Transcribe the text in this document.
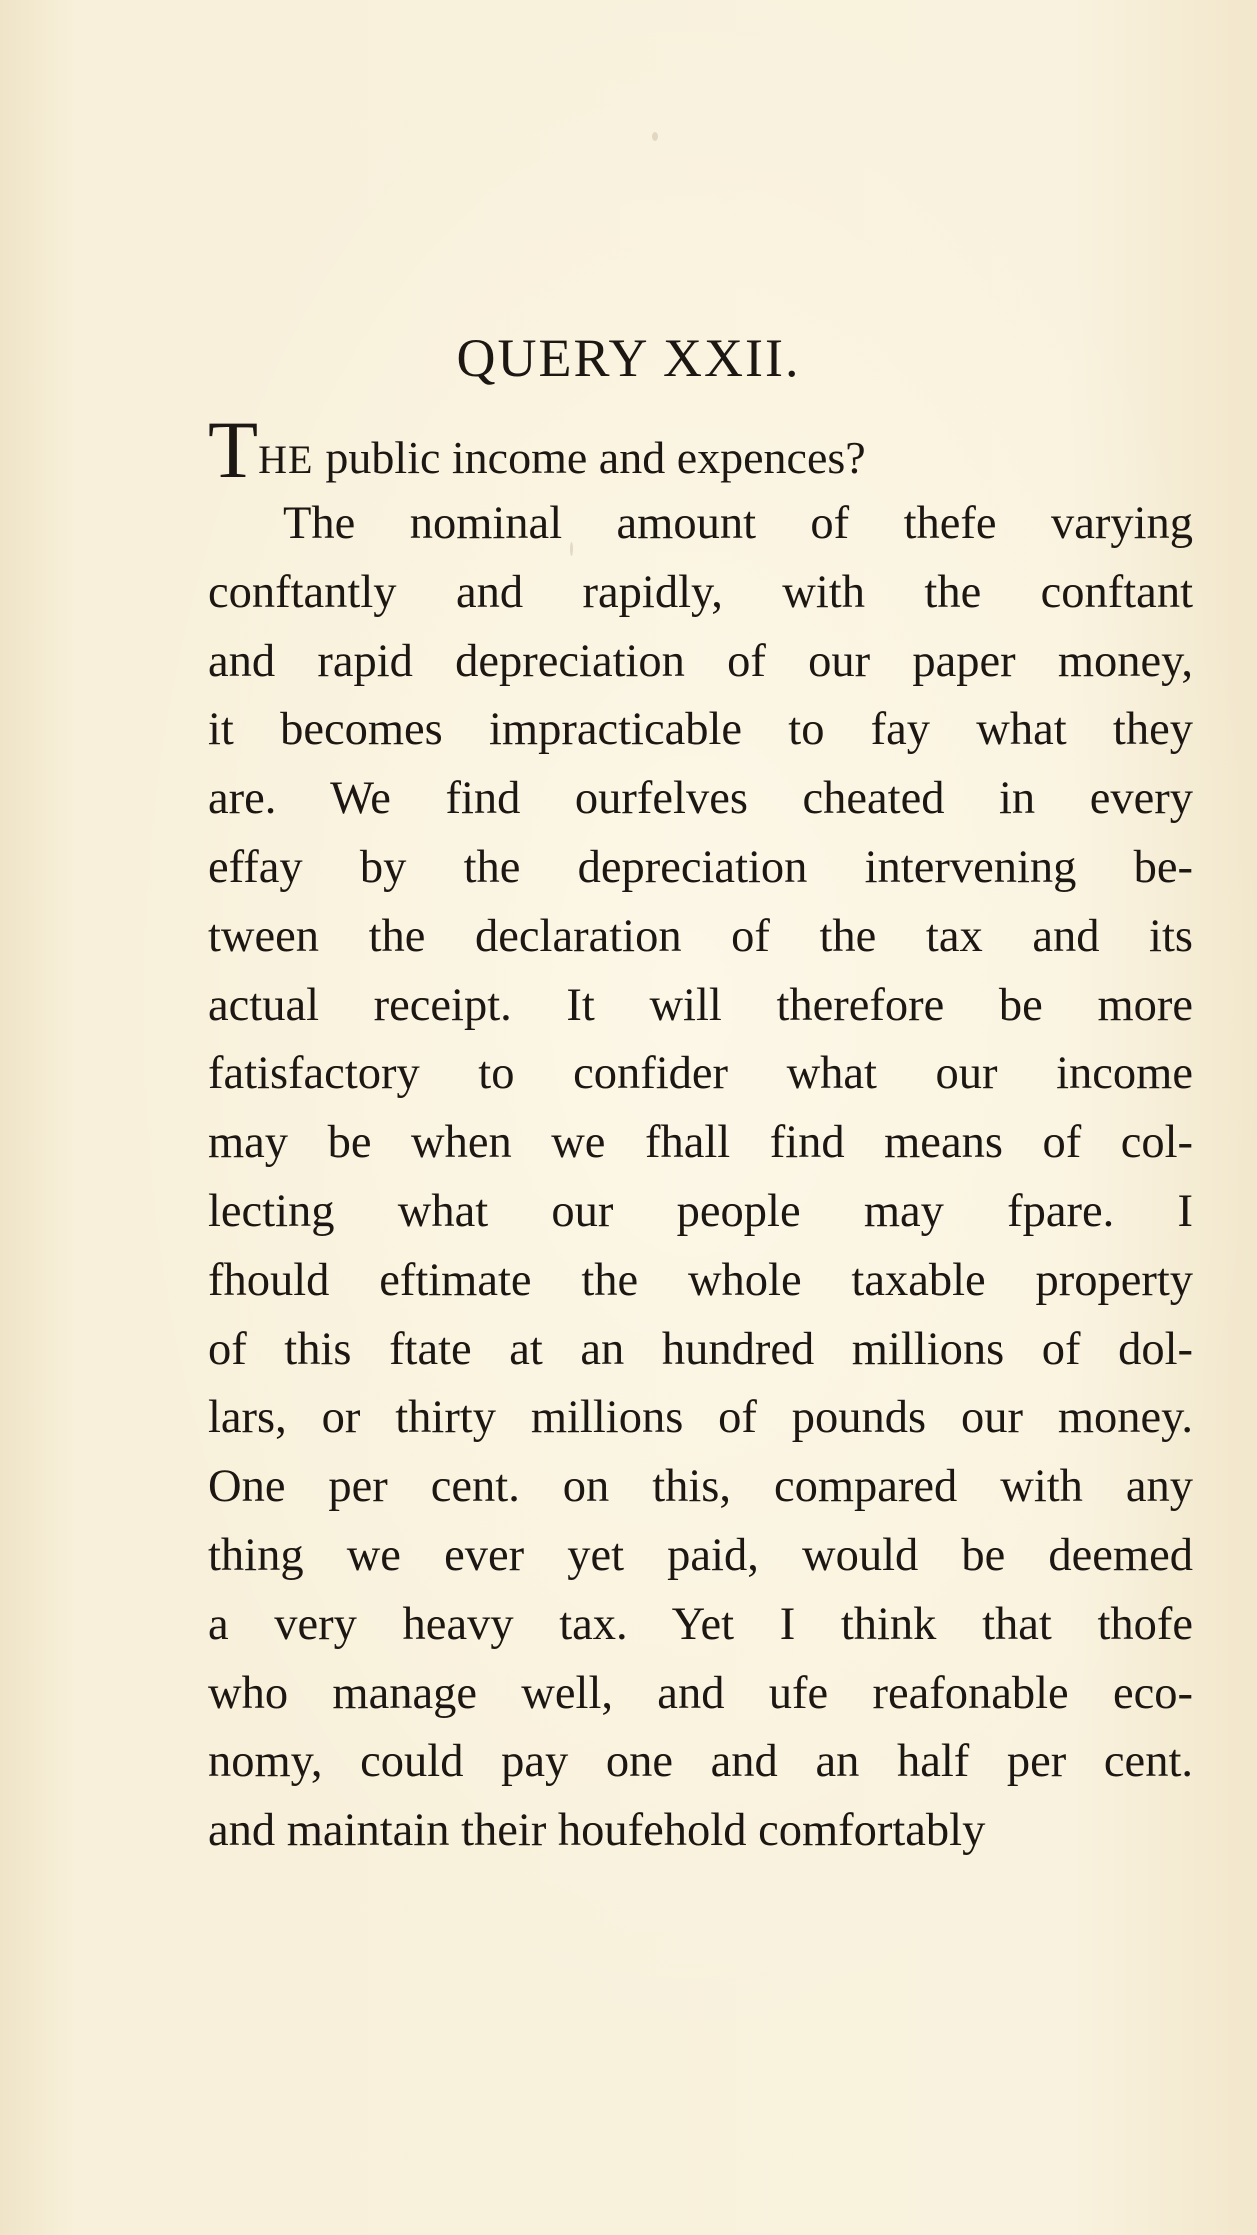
QUERY XXII.
THE public income and expences?
The nominal amount of thefe varying
conftantly and rapidly, with the conftant
and rapid depreciation of our paper money,
it becomes impracticable to fay what they
are. We find ourfelves cheated in every
effay by the depreciation intervening be-
tween the declaration of the tax and its
actual receipt. It will therefore be more
fatisfactory to confider what our income
may be when we fhall find means of col-
lecting what our people may fpare. I
fhould eftimate the whole taxable property
of this ftate at an hundred millions of dol-
lars, or thirty millions of pounds our money.
One per cent. on this, compared with any
thing we ever yet paid, would be deemed
a very heavy tax. Yet I think that thofe
who manage well, and ufe reafonable eco-
nomy, could pay one and an half per cent.
and maintain their houfehold comfortably
